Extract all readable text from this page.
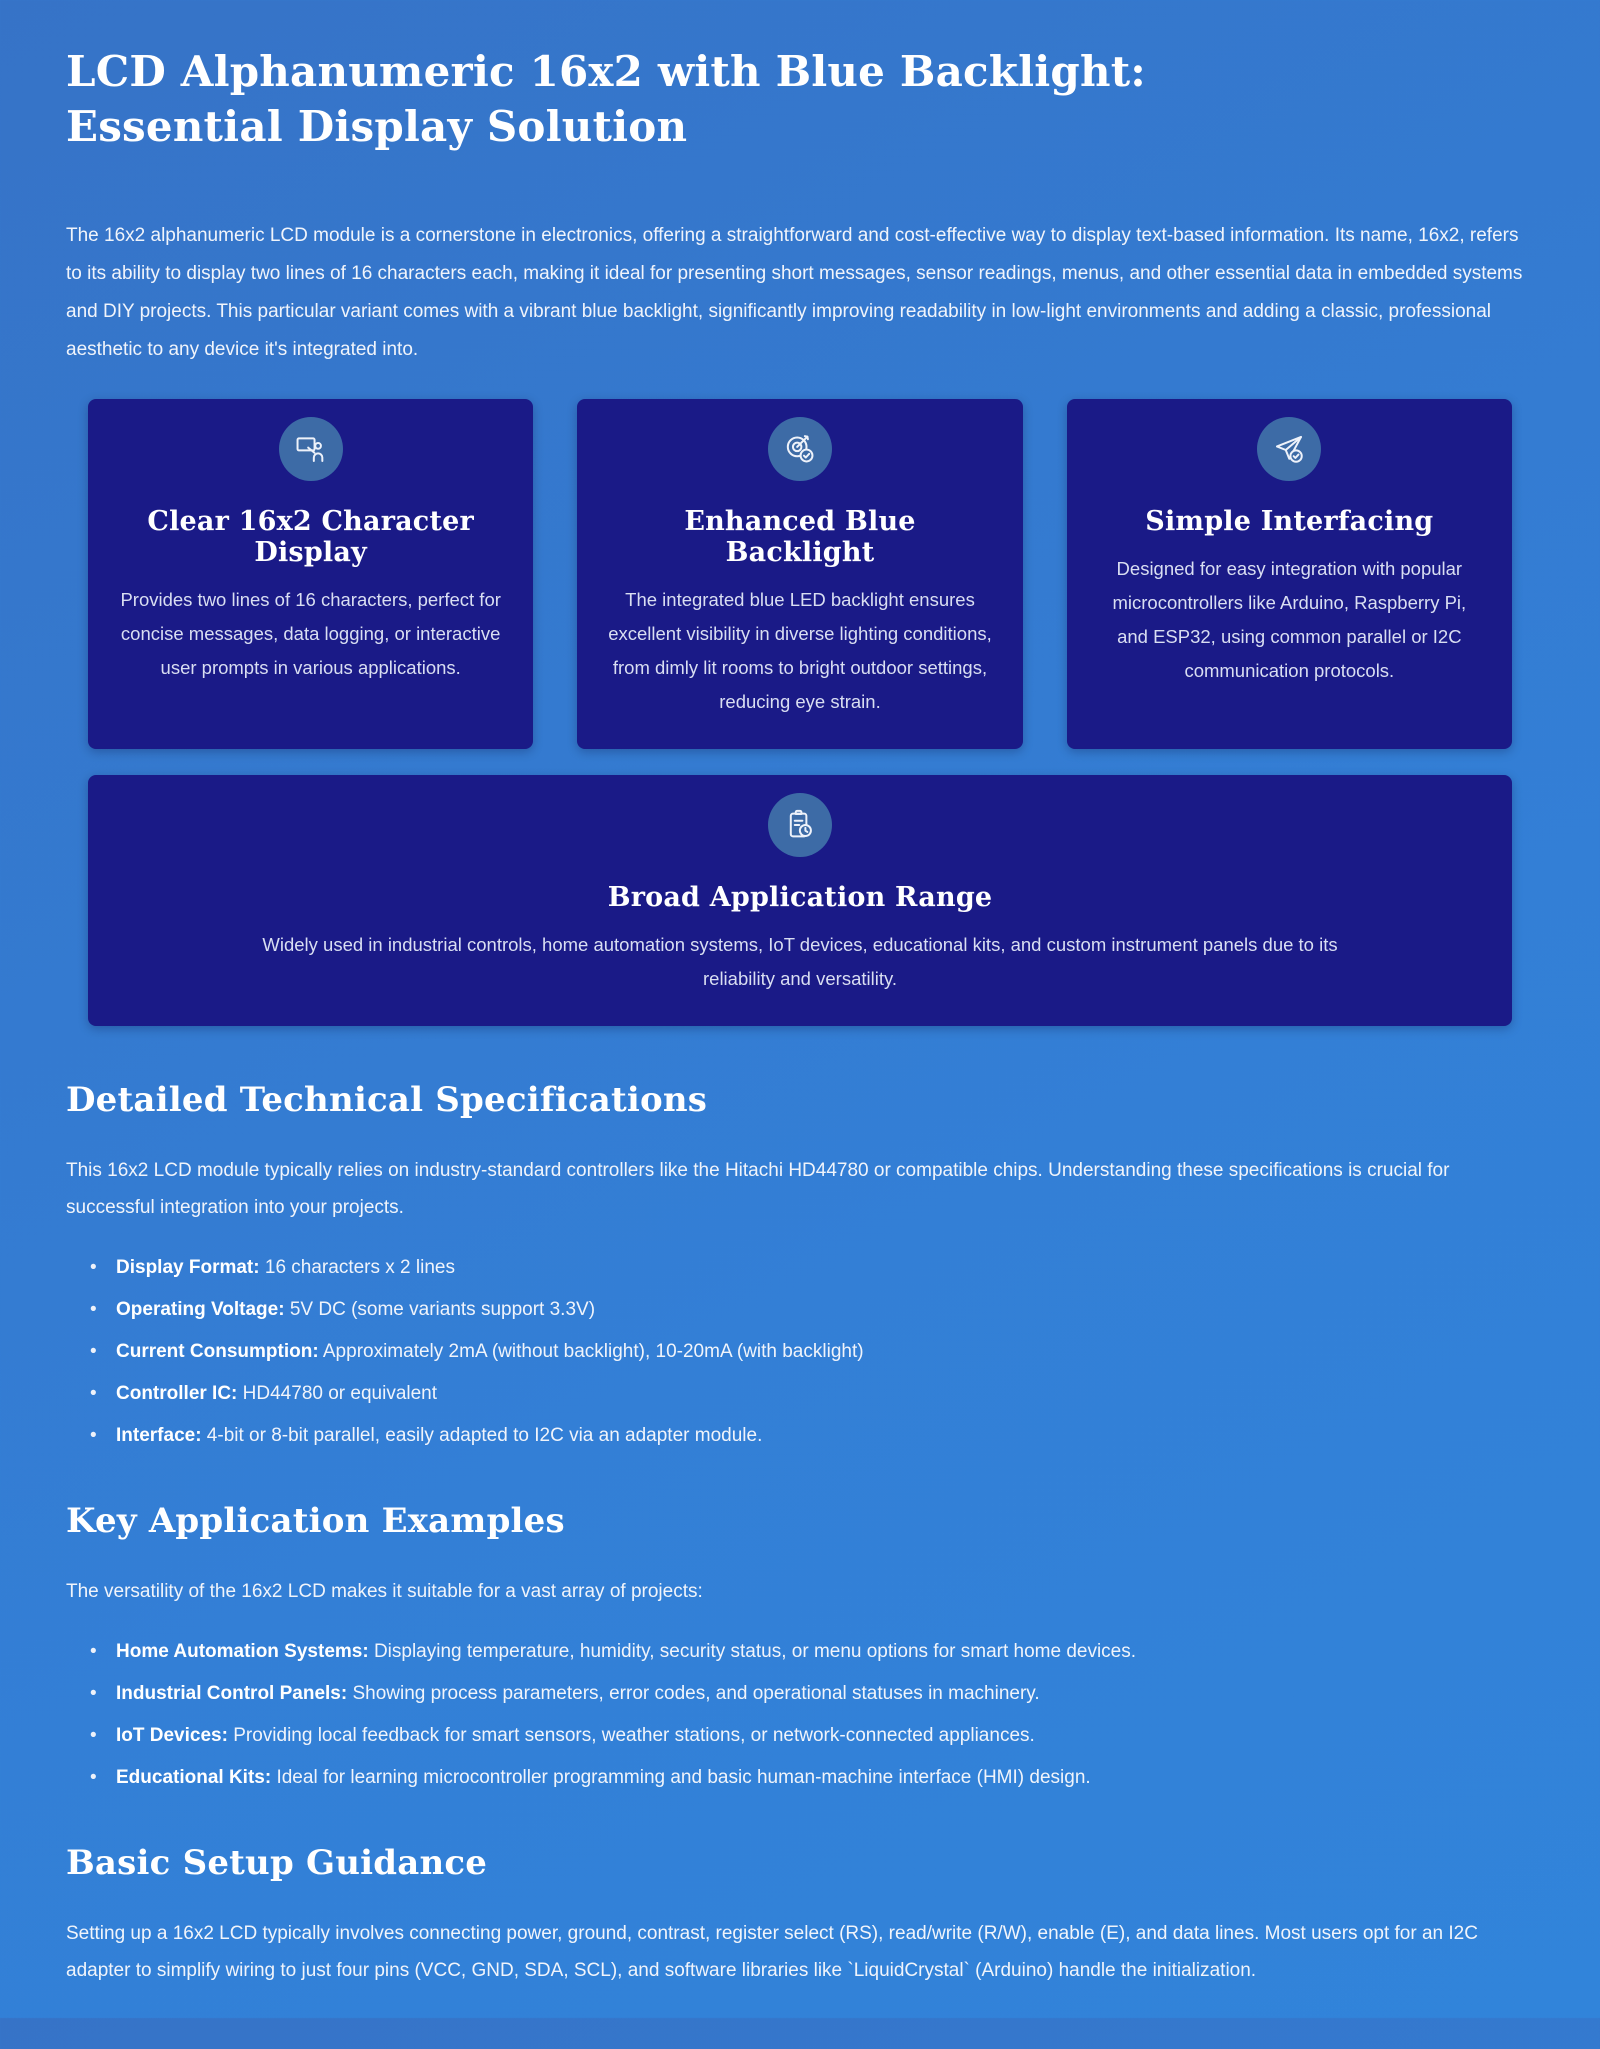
LCD Alphanumeric 16x2 with Blue Backlight: Essential Display Solution

The 16x2 alphanumeric LCD module is a cornerstone in electronics, offering a straightforward and cost-effective way to display text-based information. Its name, 16x2, refers to its ability to display two lines of 16 characters each, making it ideal for presenting short messages, sensor readings, menus, and other essential data in embedded systems and DIY projects. This particular variant comes with a vibrant blue backlight, significantly improving readability in low-light environments and adding a classic, professional aesthetic to any device it's integrated into.

Clear 16x2 Character Display

Provides two lines of 16 characters, perfect for concise messages, data logging, or interactive user prompts in various applications.

Enhanced Blue Backlight

The integrated blue LED backlight ensures excellent visibility in diverse lighting conditions, from dimly lit rooms to bright outdoor settings, reducing eye strain.

Simple Interfacing

Designed for easy integration with popular microcontrollers like Arduino, Raspberry Pi, and ESP32, using common parallel or I2C communication protocols.

Broad Application Range

Widely used in industrial controls, home automation systems, IoT devices, educational kits, and custom instrument panels due to its reliability and versatility.

Detailed Technical Specifications

This 16x2 LCD module typically relies on industry-standard controllers like the Hitachi HD44780 or compatible chips. Understanding these specifications is crucial for successful integration into your projects.

• Display Format: 16 characters x 2 lines
• Operating Voltage: 5V DC (some variants support 3.3V)
• Current Consumption: Approximately 2mA (without backlight), 10-20mA (with backlight)
• Controller IC: HD44780 or equivalent
• Interface: 4-bit or 8-bit parallel, easily adapted to I2C via an adapter module.
Key Application Examples

The versatility of the 16x2 LCD makes it suitable for a vast array of projects:

• Home Automation Systems: Displaying temperature, humidity, security status, or menu options for smart home devices.
• Industrial Control Panels: Showing process parameters, error codes, and operational statuses in machinery.
• IoT Devices: Providing local feedback for smart sensors, weather stations, or network-connected appliances.
• Educational Kits: Ideal for learning microcontroller programming and basic human-machine interface (HMI) design.
Basic Setup Guidance

Setting up a 16x2 LCD typically involves connecting power, ground, contrast, register select (RS), read/write (R/W), enable (E), and data lines. Most users opt for an I2C adapter to simplify wiring to just four pins (VCC, GND, SDA, SCL), and software libraries like `LiquidCrystal` (Arduino) handle the initialization.
